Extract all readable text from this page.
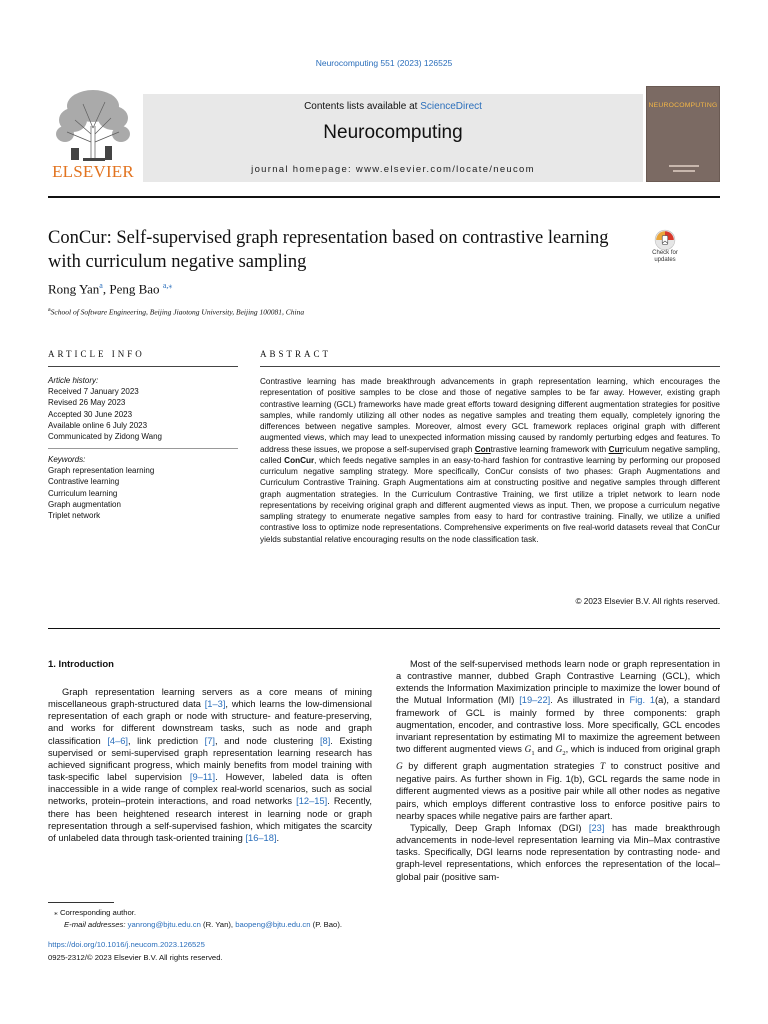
Neurocomputing 551 (2023) 126525
ELSEVIER
Contents lists available at ScienceDirect
Neurocomputing
journal homepage: www.elsevier.com/locate/neucom
NEUROCOMPUTING
ConCur: Self-supervised graph representation based on contrastive learning with curriculum negative sampling	Check for
updates
Rong Yan$^a$, Peng Bao $^{a,⁎}$
$^a$School of Software Engineering, Beijing Jiaotong University, Beijing 100081, China
ARTICLE INFO	ABSTRACT
Article history:
Received 7 January 2023
Revised 26 May 2023
Accepted 30 June 2023
Available online 6 July 2023
Communicated by Zidong Wang
Keywords:
Graph representation learning
Contrastive learning
Curriculum learning
Graph augmentation
Triplet network
Contrastive learning has made breakthrough advancements in graph representation learning, which encourages the representation of positive samples to be close and those of negative samples to be far away. However, existing graph contrastive learning (GCL) frameworks have made great efforts toward designing different augmentation strategies for positive samples, while randomly utilizing all other nodes as negative samples and treating them equally, completely ignoring the differences between negative samples. Moreover, almost every GCL framework replaces original graph with different augmented views, which may lead to unexpected information missing caused by randomly perturbing edges and features. To address these issues, we propose a self-supervised graph Contrastive learning framework with Curriculum negative sampling, called ConCur, which feeds negative samples in an easy-to-hard fashion for contrastive learning by performing our proposed curriculum negative sampling strategy. More specifically, ConCur consists of two phases: Graph Augmentations and Curriculum Contrastive Training. Graph Augmentations aim at constructing positive and negative samples through different graph augmentation strategies. In the Curriculum Contrastive Training, we first utilize a triplet network to learn node representations by receiving original graph and different augmented views as input. Then, we propose a curriculum negative sampling strategy to enumerate negative samples from easy to hard for contrastive training. Finally, we utilize a unified contrastive loss to optimize node representations. Comprehensive experiments on five real-world datasets reveal that ConCur yields substantial relative encouraging results on the node classification task.
© 2023 Elsevier B.V. All rights reserved.
1. Introduction

Graph representation learning servers as a core means of mining miscellaneous graph-structured data [1–3], which learns the low-dimensional representation of each graph or node with structure- and feature-preserving, and works for different downstream tasks, such as node and graph classification [4–6], link prediction [7], and node clustering [8]. Existing supervised or semi-supervised graph representation learning research has achieved significant progress, which mainly benefits from model training with task-specific label supervision [9–11]. However, labeled data is often inaccessible in a wide range of complex real-world scenarios, such as social networks, protein–protein interactions, and road networks [12–15]. Recently, there has been heightened research interest in learning node or graph representation through a self-supervised fashion, which mitigates the scarcity of unlabeled data through task-oriented training [16–18].

Most of the self-supervised methods learn node or graph representation in a contrastive manner, dubbed Graph Contrastive Learning (GCL), which extends the Information Maximization principle to maximize the lower bound of the Mutual Information (MI) [19–22]. As illustrated in Fig. 1(a), a standard framework of GCL is mainly formed by three components: graph augmentation, encoder, and contrastive loss. More specifically, GCL encodes invariant representation by estimating MI to maximize the agreement between two different augmented views $G_1$ and $G_2$, which is induced from original graph G by different graph augmentation strategies T to construct positive and negative pairs. As further shown in Fig. 1(b), GCL regards the same node in different augmented views as a positive pair while all other nodes as negative pairs, which employs different contrastive loss to enforce positive pairs to nearby spaces while negative pairs are farther apart.

Typically, Deep Graph Infomax (DGI) [23] has made breakthrough advancements in node-level representation learning via Min–Max contrastive tasks. Specifically, DGI learns node representation by contrasting node- and graph-level representations, which enforces the representation of the local–global pair (positive sam-

⁎ Corresponding author.
E-mail addresses: yanrong@bjtu.edu.cn (R. Yan), baopeng@bjtu.edu.cn (P. Bao).
https://doi.org/10.1016/j.neucom.2023.126525
0925-2312/© 2023 Elsevier B.V. All rights reserved.
